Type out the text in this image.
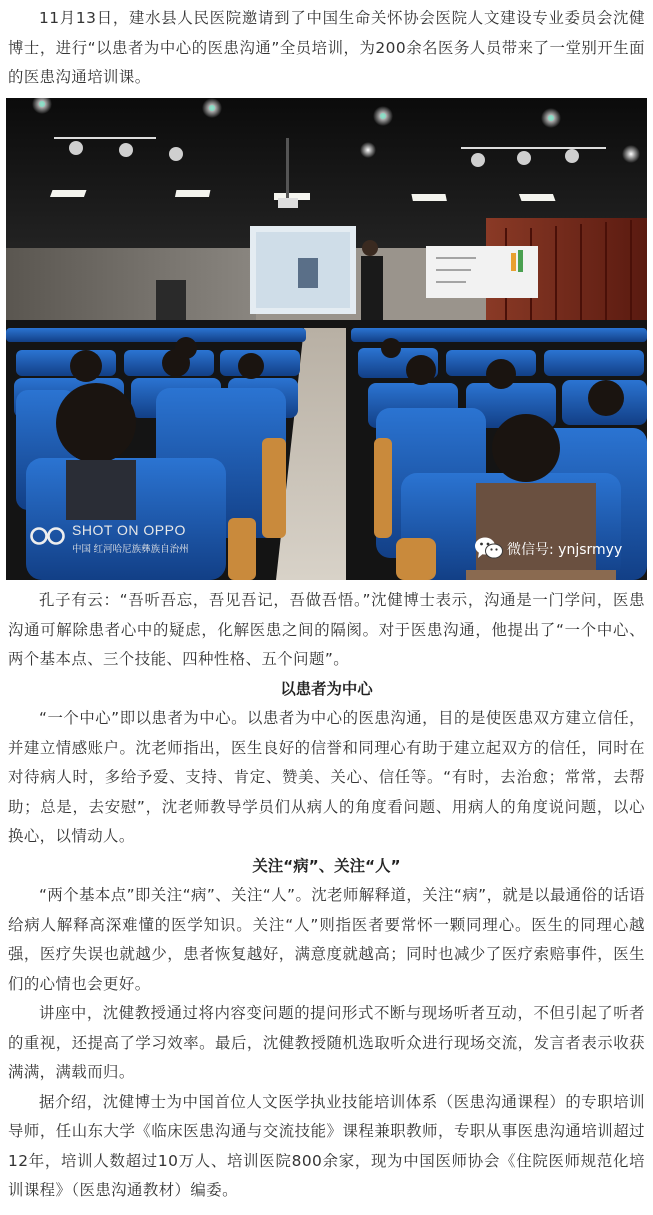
11月13日，建水县人民医院邀请到了中国生命关怀协会医院人文建设专业委员会沈健博士，进行“以患者为中心的医患沟通”全员培训，为200余名医务人员带来了一堂别开生面的医患沟通培训课。

SHOT ON OPPO
中国 红河哈尼族彝族自治州	微信号: ynjsrmyy

孔子有云：“吾听吾忘，吾见吾记，吾做吾悟。”沈健博士表示，沟通是一门学问，医患沟通可解除患者心中的疑虑，化解医患之间的隔阂。对于医患沟通，他提出了“一个中心、两个基本点、三个技能、四种性格、五个问题”。

以患者为中心

“一个中心”即以患者为中心。以患者为中心的医患沟通，目的是使医患双方建立信任，并建立情感账户。沈老师指出，医生良好的信誉和同理心有助于建立起双方的信任，同时在对待病人时，多给予爱、支持、肯定、赞美、关心、信任等。“有时，去治愈；常常，去帮助；总是，去安慰”，沈老师教导学员们从病人的角度看问题、用病人的角度说问题，以心换心，以情动人。

关注“病”、关注“人”

“两个基本点”即关注“病”、关注“人”。沈老师解释道，关注“病”，就是以最通俗的话语给病人解释高深难懂的医学知识。关注“人”则指医者要常怀一颗同理心。医生的同理心越强，医疗失误也就越少，患者恢复越好，满意度就越高；同时也减少了医疗索赔事件，医生们的心情也会更好。

讲座中，沈健教授通过将内容变问题的提问形式不断与现场听者互动，不但引起了听者的重视，还提高了学习效率。最后，沈健教授随机选取听众进行现场交流，发言者表示收获满满，满载而归。

据介绍，沈健博士为中国首位人文医学执业技能培训体系（医患沟通课程）的专职培训导师，任山东大学《临床医患沟通与交流技能》课程兼职教师，专职从事医患沟通培训超过12年，培训人数超过10万人、培训医院800余家，现为中国医师协会《住院医师规范化培训课程》（医患沟通教材）编委。
